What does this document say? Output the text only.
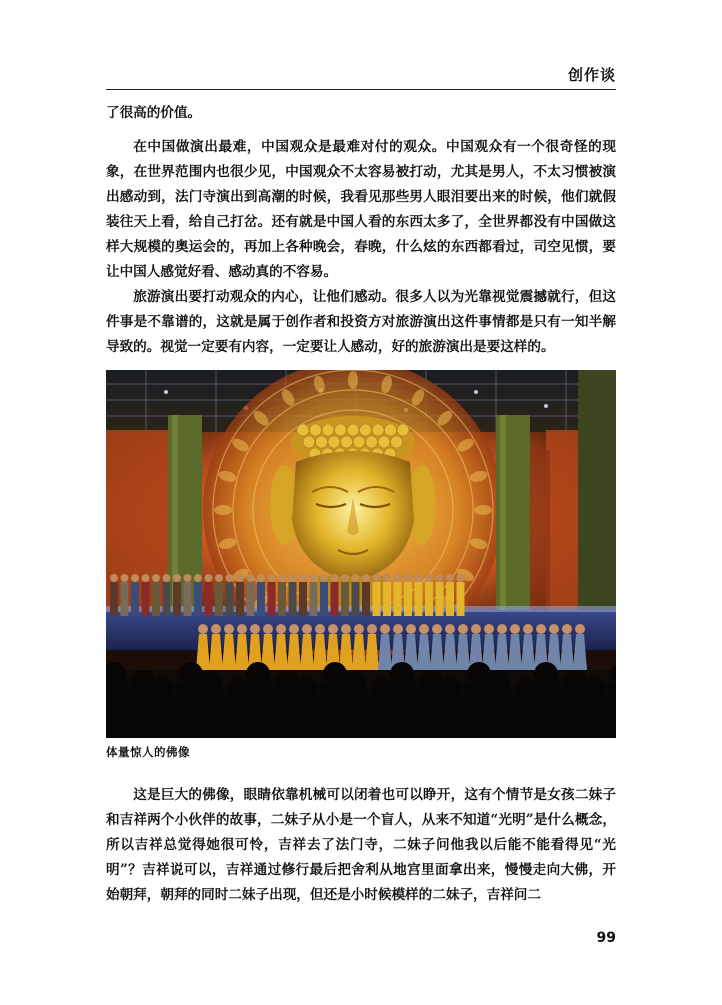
创作谈

了很高的价值。

在中国做演出最难，中国观众是最难对付的观众。中国观众有一个很奇怪的现象，在世界范围内也很少见，中国观众不太容易被打动，尤其是男人，不太习惯被演出感动到，法门寺演出到高潮的时候，我看见那些男人眼泪要出来的时候，他们就假装往天上看，给自己打岔。还有就是中国人看的东西太多了，全世界都没有中国做这样大规模的奥运会的，再加上各种晚会，春晚，什么炫的东西都看过，司空见惯，要让中国人感觉好看、感动真的不容易。

旅游演出要打动观众的内心，让他们感动。很多人以为光靠视觉震撼就行，但这件事是不靠谱的，这就是属于创作者和投资方对旅游演出这件事情都是只有一知半解导致的。视觉一定要有内容，一定要让人感动，好的旅游演出是要这样的。

体量惊人的佛像

这是巨大的佛像，眼睛依靠机械可以闭着也可以睁开，这有个情节是女孩二妹子和吉祥两个小伙伴的故事，二妹子从小是一个盲人，从来不知道“光明”是什么概念，所以吉祥总觉得她很可怜，吉祥去了法门寺，二妹子问他我以后能不能看得见“光明”？吉祥说可以，吉祥通过修行最后把舍利从地宫里面拿出来，慢慢走向大佛，开始朝拜，朝拜的同时二妹子出现，但还是小时候模样的二妹子，吉祥问二

99
